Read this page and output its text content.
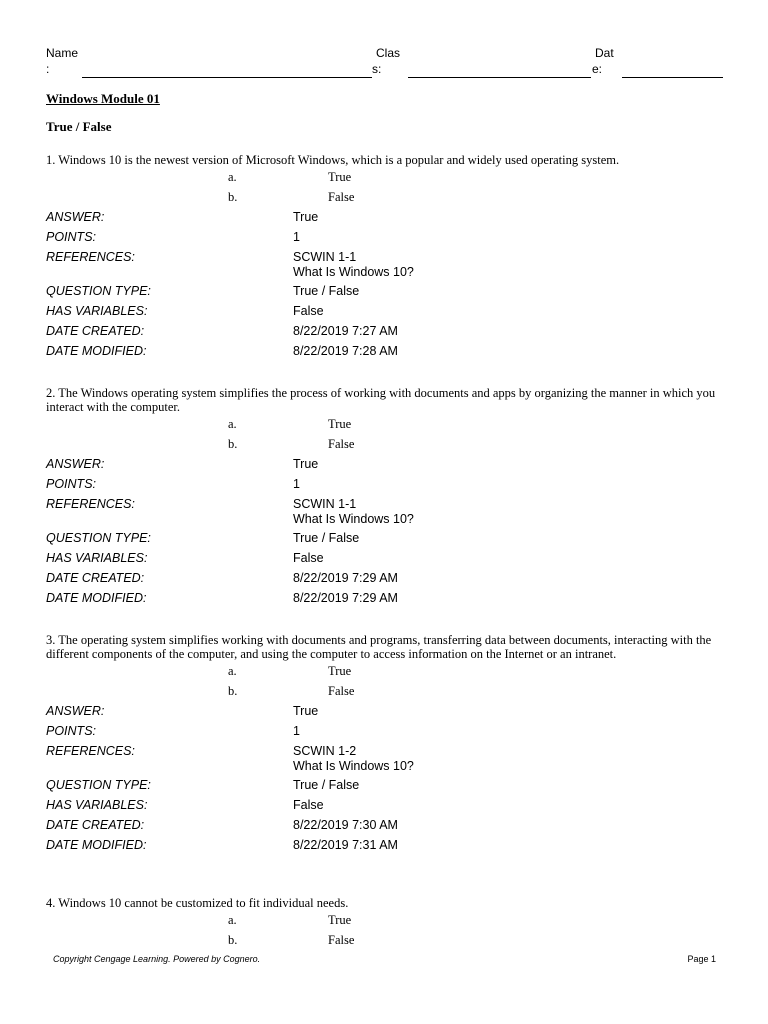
Name
:
Clas
s:
Dat
e:
Windows Module 01
True / False
1. Windows 10 is the newest version of Microsoft Windows, which is a popular and widely used operating system.
a.	True
b.	False
ANSWER:	True
POINTS:	1
REFERENCES:	SCWIN 1-1
What Is Windows 10?
QUESTION TYPE:	True / False
HAS VARIABLES:	False
DATE CREATED:	8/22/2019 7:27 AM
DATE MODIFIED:	8/22/2019 7:28 AM
2. The Windows operating system simplifies the process of working with documents and apps by organizing the manner in which you interact with the computer.
a.	True
b.	False
ANSWER:	True
POINTS:	1
REFERENCES:	SCWIN 1-1
What Is Windows 10?
QUESTION TYPE:	True / False
HAS VARIABLES:	False
DATE CREATED:	8/22/2019 7:29 AM
DATE MODIFIED:	8/22/2019 7:29 AM
3. The operating system simplifies working with documents and programs, transferring data between documents, interacting with the different components of the computer, and using the computer to access information on the Internet or an intranet.
a.	True
b.	False
ANSWER:	True
POINTS:	1
REFERENCES:	SCWIN 1-2
What Is Windows 10?
QUESTION TYPE:	True / False
HAS VARIABLES:	False
DATE CREATED:	8/22/2019 7:30 AM
DATE MODIFIED:	8/22/2019 7:31 AM
4. Windows 10 cannot be customized to fit individual needs.
a.	True
b.	False
Copyright Cengage Learning. Powered by Cognero.	Page 1
